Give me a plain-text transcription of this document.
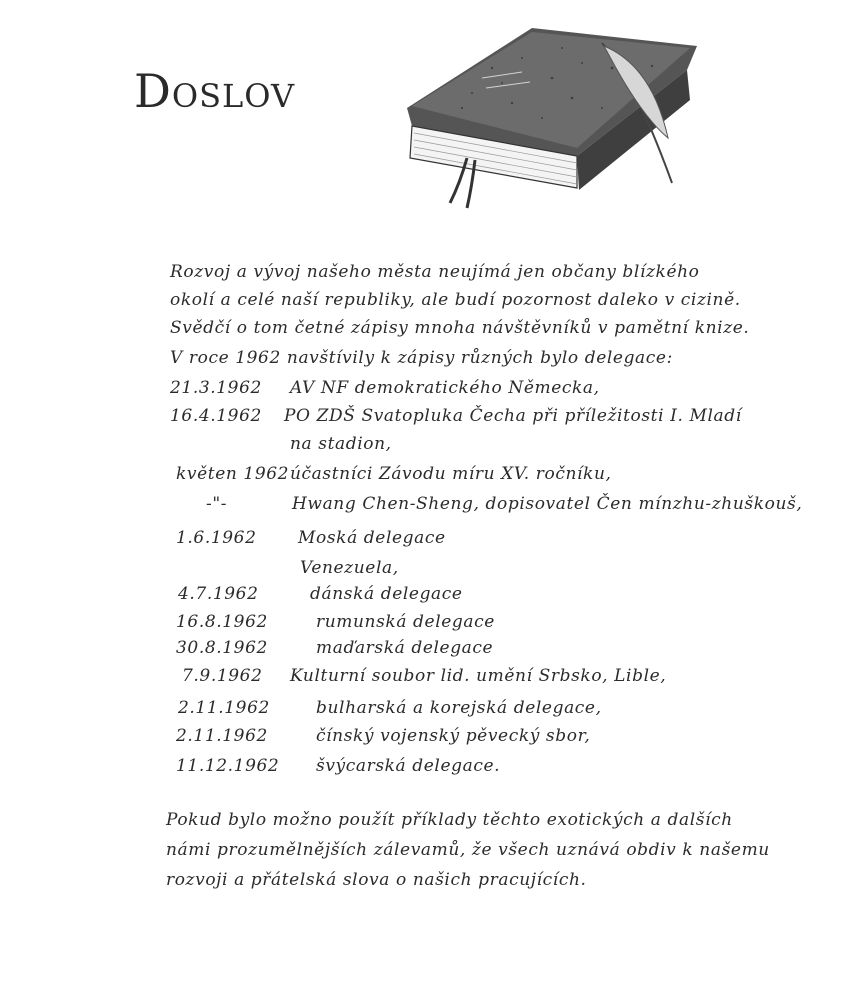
Doslov
Rozvoj a vývoj našeho města neujímá jen občany blízkého
okolí a celé naší republiky, ale budí pozornost daleko v cizině.
Svědčí o tom četné zápisy mnoha návštěvníků v pamětní knize.
V roce 1962 navštívily k zápisy různých bylo delegace:
21.3.1962 AV NF demokratického Německa,
16.4.1962 PO ZDŠ Svatopluka Čecha při příležitosti I. Mladí
na stadion,
květen 1962 účastníci Závodu míru XV. ročníku,
-"-	Hwang Chen-Sheng, dopisovatel Čen mínzhu-zhuškouš,
1.6.1962 Moská delegace
Venezuela,
4.7.1962	dánská delegace
16.8.1962	rumunská delegace
30.8.1962	maďarská delegace
7.9.1962 Kulturní soubor lid. umění Srbsko, Lible,
2.11.1962	bulharská a korejská delegace,
2.11.1962	čínský vojenský pěvecký sbor,
11.12.1962 švýcarská delegace.
Pokud bylo možno použít příklady těchto exotických a dalších
námi prozumělnějších zálevamů, že všech uznává obdiv k našemu
rozvoji a přátelská slova o našich pracujících.
